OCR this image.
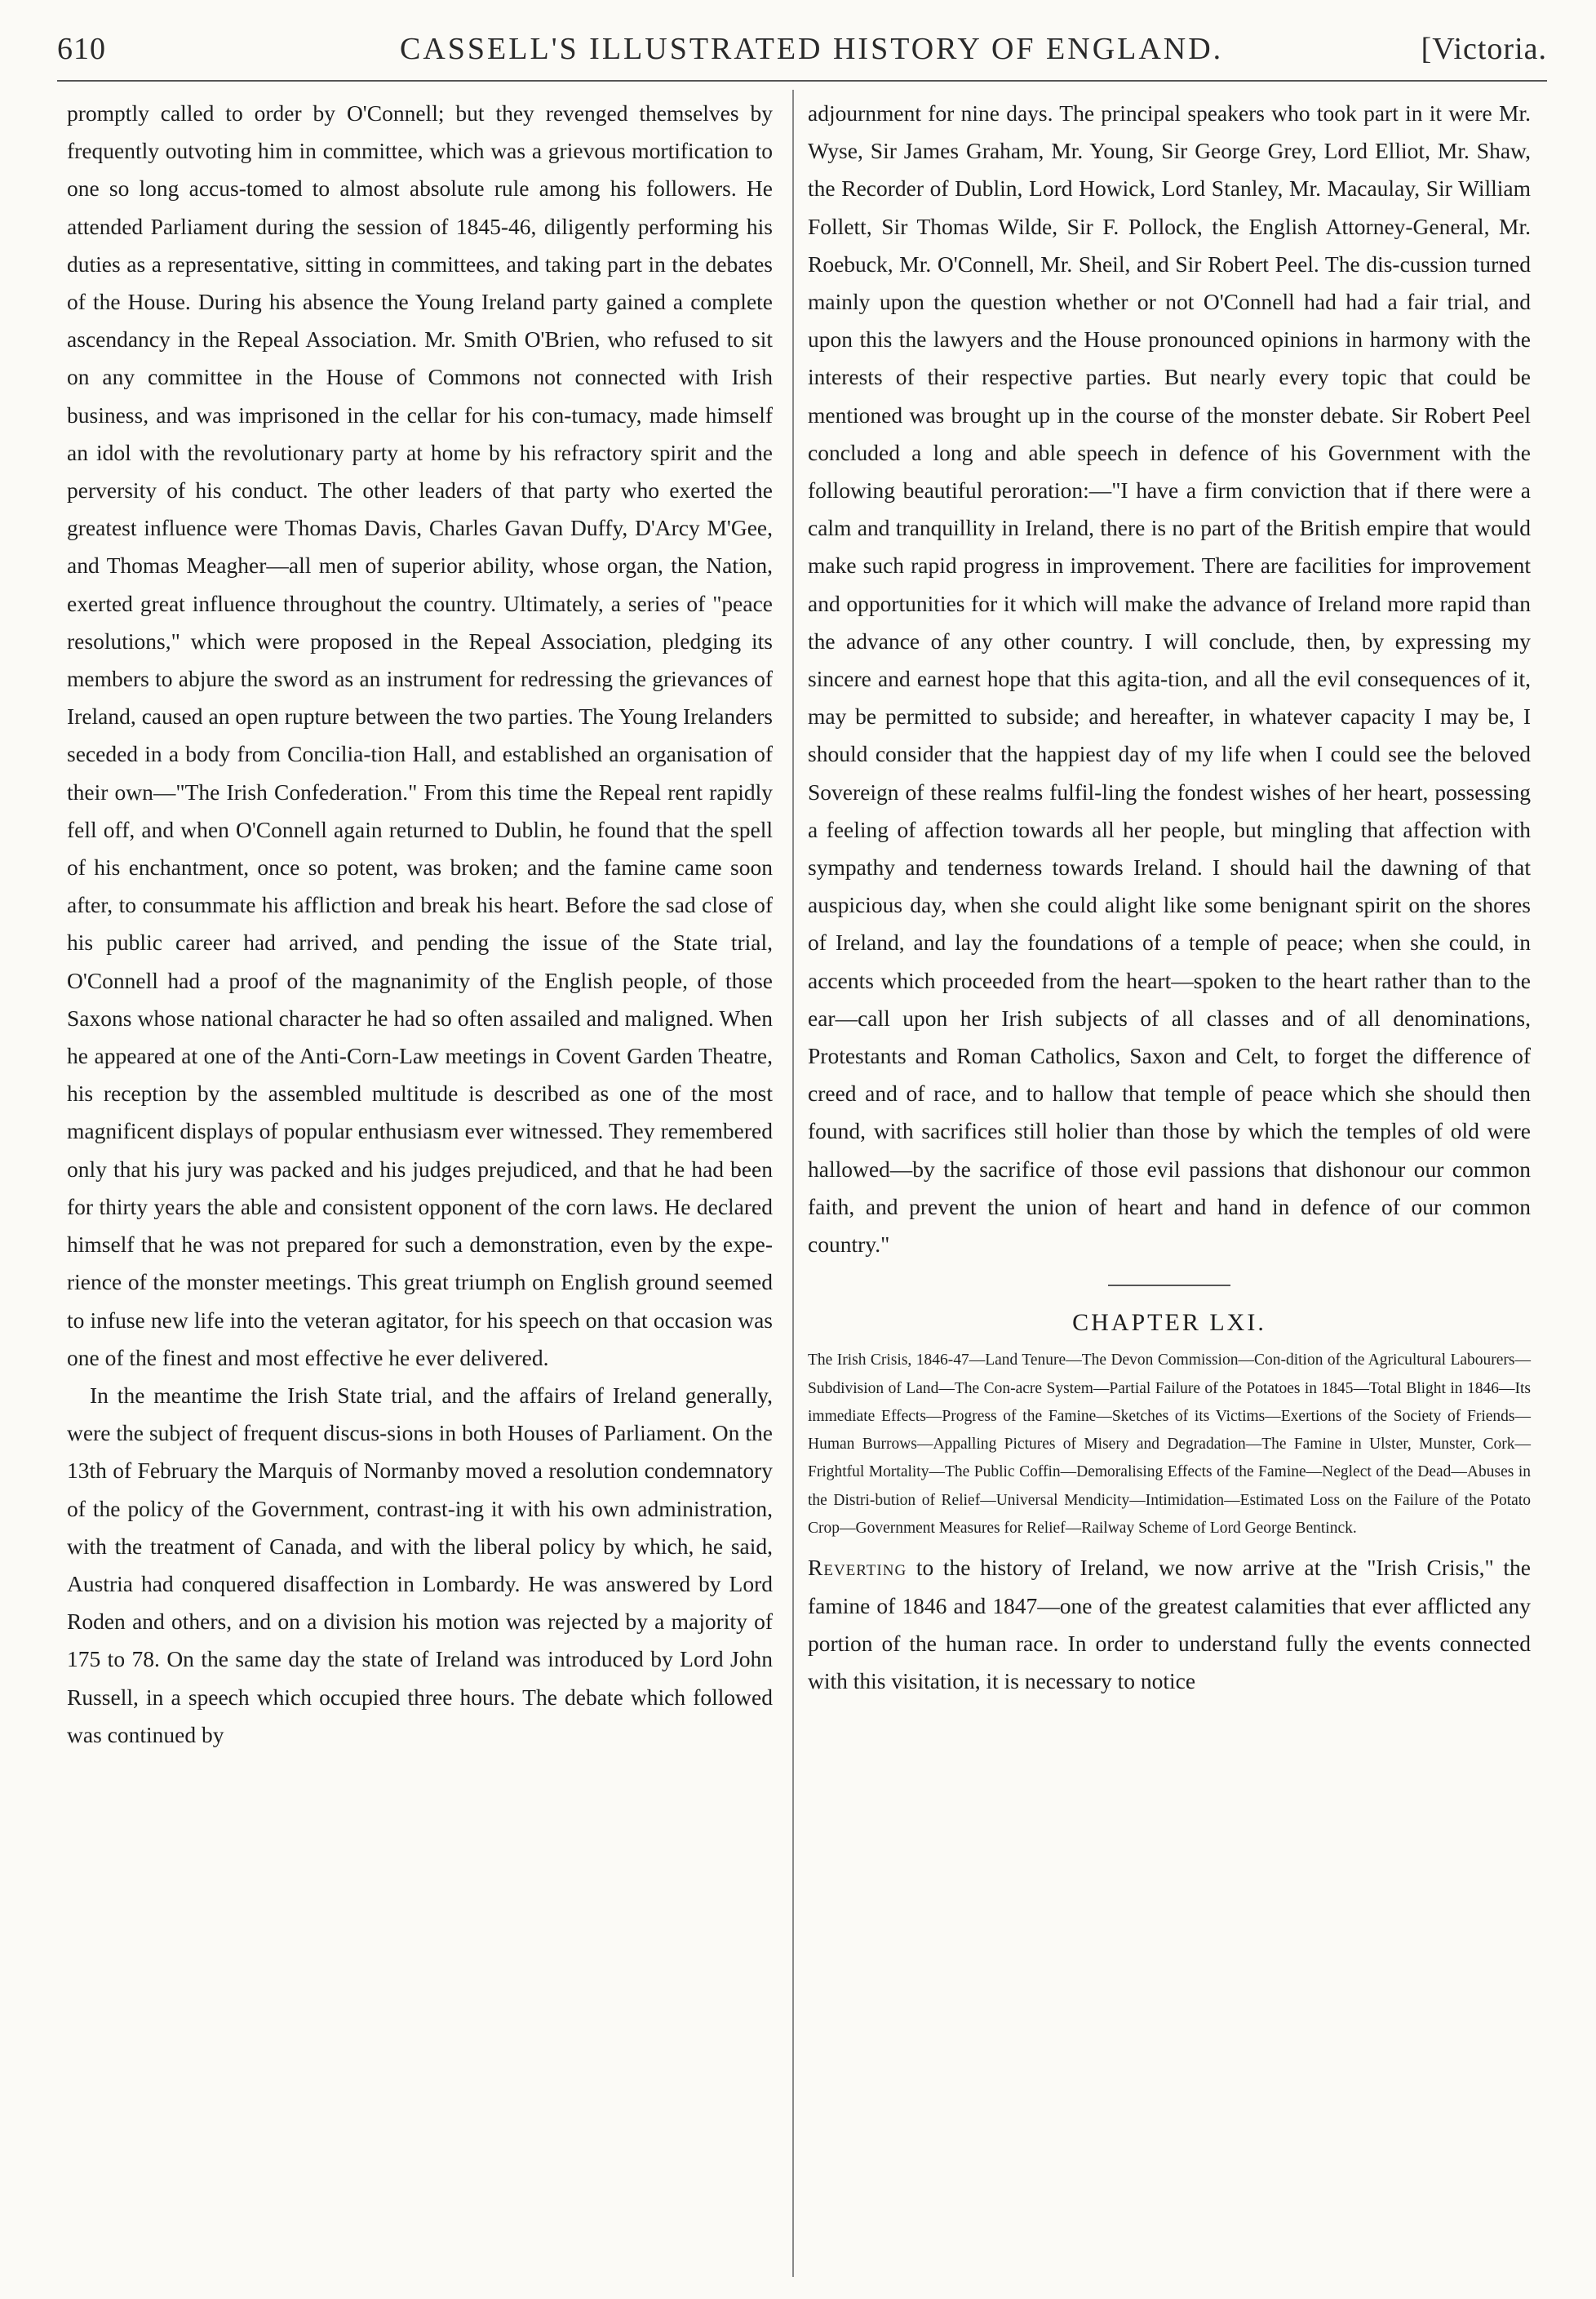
610	CASSELL'S ILLUSTRATED HISTORY OF ENGLAND.	[Victoria.

promptly called to order by O'Connell; but they revenged themselves by frequently outvoting him in committee, which was a grievous mortification to one so long accus-tomed to almost absolute rule among his followers. He attended Parliament during the session of 1845-46, diligently performing his duties as a representative, sitting in committees, and taking part in the debates of the House. During his absence the Young Ireland party gained a complete ascendancy in the Repeal Association. Mr. Smith O'Brien, who refused to sit on any committee in the House of Commons not connected with Irish business, and was imprisoned in the cellar for his con-tumacy, made himself an idol with the revolutionary party at home by his refractory spirit and the perversity of his conduct. The other leaders of that party who exerted the greatest influence were Thomas Davis, Charles Gavan Duffy, D'Arcy M'Gee, and Thomas Meagher—all men of superior ability, whose organ, the Nation, exerted great influence throughout the country. Ultimately, a series of "peace resolutions," which were proposed in the Repeal Association, pledging its members to abjure the sword as an instrument for redressing the grievances of Ireland, caused an open rupture between the two parties. The Young Irelanders seceded in a body from Concilia-tion Hall, and established an organisation of their own—"The Irish Confederation." From this time the Repeal rent rapidly fell off, and when O'Connell again returned to Dublin, he found that the spell of his enchantment, once so potent, was broken; and the famine came soon after, to consummate his affliction and break his heart. Before the sad close of his public career had arrived, and pending the issue of the State trial, O'Connell had a proof of the magnanimity of the English people, of those Saxons whose national character he had so often assailed and maligned. When he appeared at one of the Anti-Corn-Law meetings in Covent Garden Theatre, his reception by the assembled multitude is described as one of the most magnificent displays of popular enthusiasm ever witnessed. They remembered only that his jury was packed and his judges prejudiced, and that he had been for thirty years the able and consistent opponent of the corn laws. He declared himself that he was not prepared for such a demonstration, even by the expe-rience of the monster meetings. This great triumph on English ground seemed to infuse new life into the veteran agitator, for his speech on that occasion was one of the finest and most effective he ever delivered.

In the meantime the Irish State trial, and the affairs of Ireland generally, were the subject of frequent discus-sions in both Houses of Parliament. On the 13th of February the Marquis of Normanby moved a resolution condemnatory of the policy of the Government, contrast-ing it with his own administration, with the treatment of Canada, and with the liberal policy by which, he said, Austria had conquered disaffection in Lombardy. He was answered by Lord Roden and others, and on a division his motion was rejected by a majority of 175 to 78. On the same day the state of Ireland was introduced by Lord John Russell, in a speech which occupied three hours. The debate which followed was continued by

adjournment for nine days. The principal speakers who took part in it were Mr. Wyse, Sir James Graham, Mr. Young, Sir George Grey, Lord Elliot, Mr. Shaw, the Recorder of Dublin, Lord Howick, Lord Stanley, Mr. Macaulay, Sir William Follett, Sir Thomas Wilde, Sir F. Pollock, the English Attorney-General, Mr. Roebuck, Mr. O'Connell, Mr. Sheil, and Sir Robert Peel. The dis-cussion turned mainly upon the question whether or not O'Connell had had a fair trial, and upon this the lawyers and the House pronounced opinions in harmony with the interests of their respective parties. But nearly every topic that could be mentioned was brought up in the course of the monster debate. Sir Robert Peel concluded a long and able speech in defence of his Government with the following beautiful peroration:—"I have a firm conviction that if there were a calm and tranquillity in Ireland, there is no part of the British empire that would make such rapid progress in improvement. There are facilities for improvement and opportunities for it which will make the advance of Ireland more rapid than the advance of any other country. I will conclude, then, by expressing my sincere and earnest hope that this agita-tion, and all the evil consequences of it, may be permitted to subside; and hereafter, in whatever capacity I may be, I should consider that the happiest day of my life when I could see the beloved Sovereign of these realms fulfil-ling the fondest wishes of her heart, possessing a feeling of affection towards all her people, but mingling that affection with sympathy and tenderness towards Ireland. I should hail the dawning of that auspicious day, when she could alight like some benignant spirit on the shores of Ireland, and lay the foundations of a temple of peace; when she could, in accents which proceeded from the heart—spoken to the heart rather than to the ear—call upon her Irish subjects of all classes and of all denominations, Protestants and Roman Catholics, Saxon and Celt, to forget the difference of creed and of race, and to hallow that temple of peace which she should then found, with sacrifices still holier than those by which the temples of old were hallowed—by the sacrifice of those evil passions that dishonour our common faith, and prevent the union of heart and hand in defence of our common country."

CHAPTER LXI.
The Irish Crisis, 1846-47—Land Tenure—The Devon Commission—Con-dition of the Agricultural Labourers—Subdivision of Land—The Con-acre System—Partial Failure of the Potatoes in 1845—Total Blight in 1846—Its immediate Effects—Progress of the Famine—Sketches of its Victims—Exertions of the Society of Friends—Human Burrows—Appalling Pictures of Misery and Degradation—The Famine in Ulster, Munster, Cork—Frightful Mortality—The Public Coffin—Demoralising Effects of the Famine—Neglect of the Dead—Abuses in the Distri-bution of Relief—Universal Mendicity—Intimidation—Estimated Loss on the Failure of the Potato Crop—Government Measures for Relief—Railway Scheme of Lord George Bentinck.

Reverting to the history of Ireland, we now arrive at the "Irish Crisis," the famine of 1846 and 1847—one of the greatest calamities that ever afflicted any portion of the human race. In order to understand fully the events connected with this visitation, it is necessary to notice
